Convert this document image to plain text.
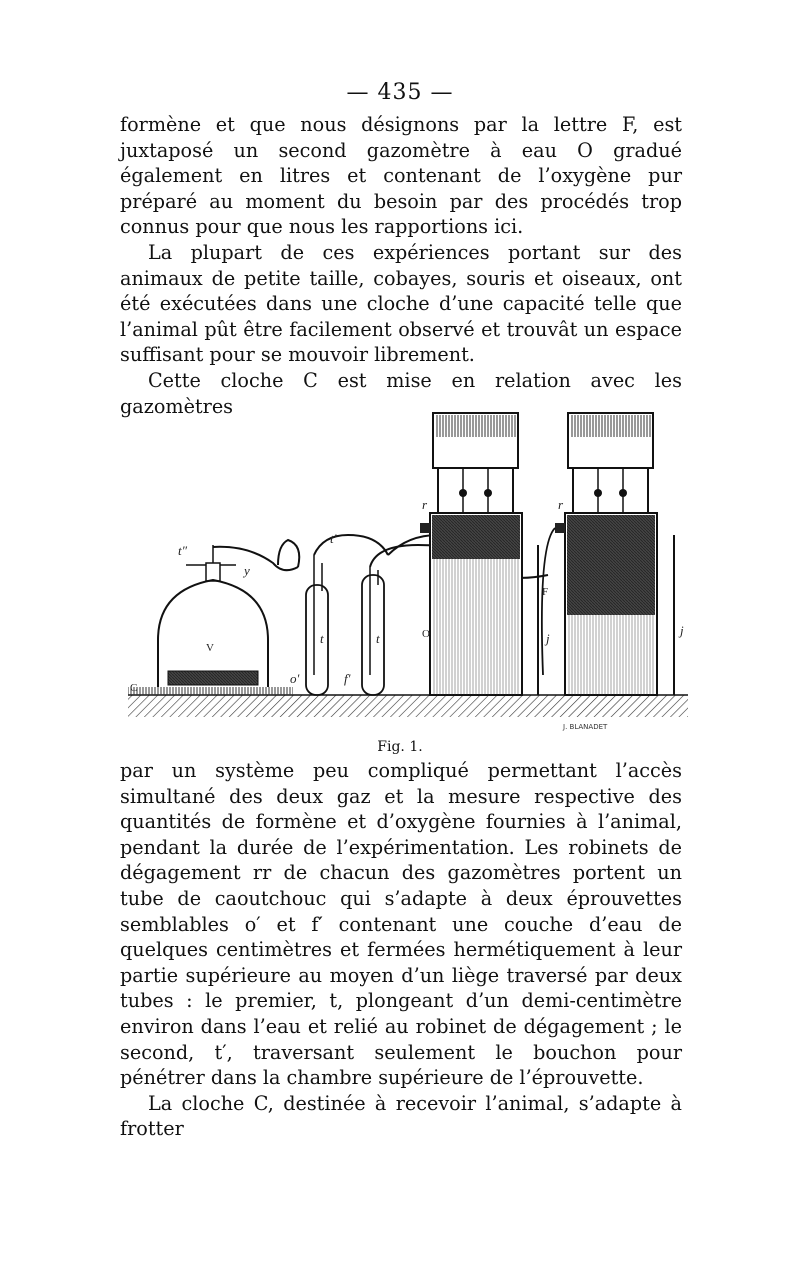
— 435 —

formène et que nous désignons par la lettre F, est juxtaposé un second gazomètre à eau O gradué également en litres et contenant de l’oxygène pur préparé au moment du besoin par des procédés trop connus pour que nous les rapportions ici.

La plupart de ces expériences portant sur des animaux de petite taille, cobayes, souris et oiseaux, ont été exécutées dans une cloche d’une capacité telle que l’animal pût être facilement observé et trouvât un espace suffisant pour se mouvoir librement.

Cette cloche C est mise en relation avec les gazomètres

r	r
t″
t′
y
t	t
V
C
o′	f′
O
F
j
j
J. BLANADET
Fig. 1.

par un système peu compliqué permettant l’accès simultané des deux gaz et la mesure respective des quantités de formène et d’oxygène fournies à l’animal, pendant la durée de l’expérimentation. Les robinets de dégagement rr de chacun des gazomètres portent un tube de caoutchouc qui s’adapte à deux éprouvettes semblables o′ et f′ contenant une couche d’eau de quelques centimètres et fermées hermétiquement à leur partie supérieure au moyen d’un liège traversé par deux tubes : le premier, t, plongeant d’un demi-centimètre environ dans l’eau et relié au robinet de dégagement ; le second, t′, traversant seulement le bouchon pour pénétrer dans la chambre supérieure de l’éprouvette.

La cloche C, destinée à recevoir l’animal, s’adapte à frotter
